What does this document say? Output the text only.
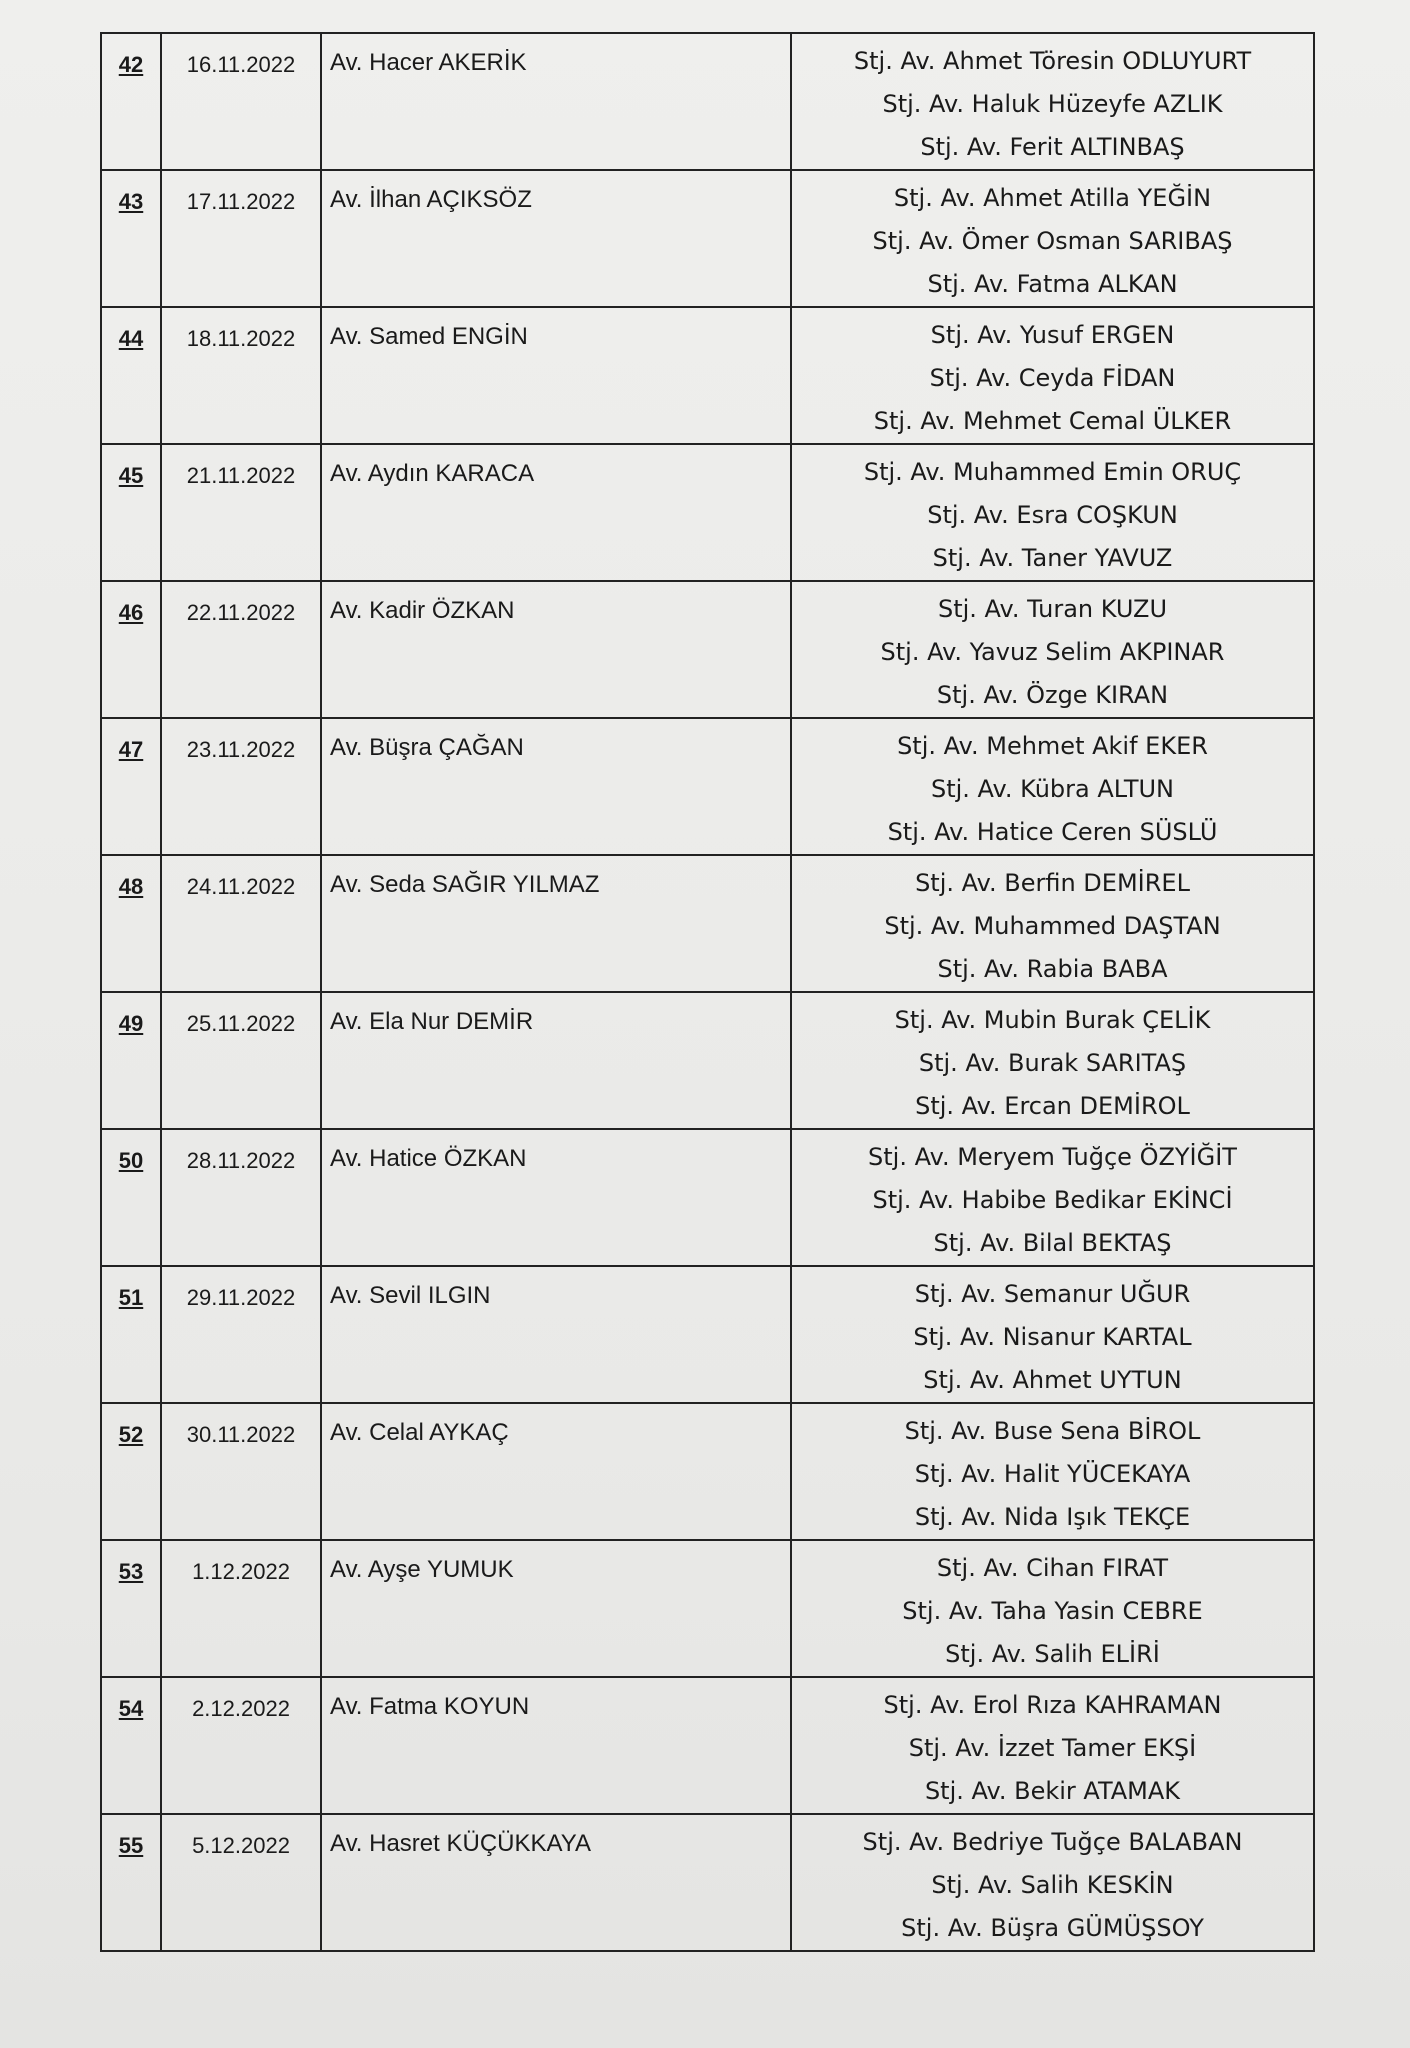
42	16.11.2022	Av. Hacer AKERİK	Stj. Av. Ahmet Töresin ODLUYURT
Stj. Av. Haluk Hüzeyfe AZLIK
Stj. Av. Ferit ALTINBAŞ

43	17.11.2022	Av. İlhan AÇIKSÖZ	Stj. Av. Ahmet Atilla YEĞİN
Stj. Av. Ömer Osman SARIBAŞ
Stj. Av. Fatma ALKAN

44	18.11.2022	Av. Samed ENGİN	Stj. Av. Yusuf ERGEN
Stj. Av. Ceyda FİDAN
Stj. Av. Mehmet Cemal ÜLKER

45	21.11.2022	Av. Aydın KARACA	Stj. Av. Muhammed Emin ORUÇ
Stj. Av. Esra COŞKUN
Stj. Av. Taner YAVUZ

46	22.11.2022	Av. Kadir ÖZKAN	Stj. Av. Turan KUZU
Stj. Av. Yavuz Selim AKPINAR
Stj. Av. Özge KIRAN

47	23.11.2022	Av. Büşra ÇAĞAN	Stj. Av. Mehmet Akif EKER
Stj. Av. Kübra ALTUN
Stj. Av. Hatice Ceren SÜSLÜ

48	24.11.2022	Av. Seda SAĞIR YILMAZ	Stj. Av. Berfin DEMİREL
Stj. Av. Muhammed DAŞTAN
Stj. Av. Rabia BABA

49	25.11.2022	Av. Ela Nur DEMİR	Stj. Av. Mubin Burak ÇELİK
Stj. Av. Burak SARITAŞ
Stj. Av. Ercan DEMİROL

50	28.11.2022	Av. Hatice ÖZKAN	Stj. Av. Meryem Tuğçe ÖZYİĞİT
Stj. Av. Habibe Bedikar EKİNCİ
Stj. Av. Bilal BEKTAŞ

51	29.11.2022	Av. Sevil ILGIN	Stj. Av. Semanur UĞUR
Stj. Av. Nisanur KARTAL
Stj. Av. Ahmet UYTUN

52	30.11.2022	Av. Celal AYKAÇ	Stj. Av. Buse Sena BİROL
Stj. Av. Halit YÜCEKAYA
Stj. Av. Nida Işık TEKÇE

53	1.12.2022	Av. Ayşe YUMUK	Stj. Av. Cihan FIRAT
Stj. Av. Taha Yasin CEBRE
Stj. Av. Salih ELİRİ

54	2.12.2022	Av. Fatma KOYUN	Stj. Av. Erol Rıza KAHRAMAN
Stj. Av. İzzet Tamer EKŞİ
Stj. Av. Bekir ATAMAK

55	5.12.2022	Av. Hasret KÜÇÜKKAYA	Stj. Av. Bedriye Tuğçe BALABAN
Stj. Av. Salih KESKİN
Stj. Av. Büşra GÜMÜŞSOY
